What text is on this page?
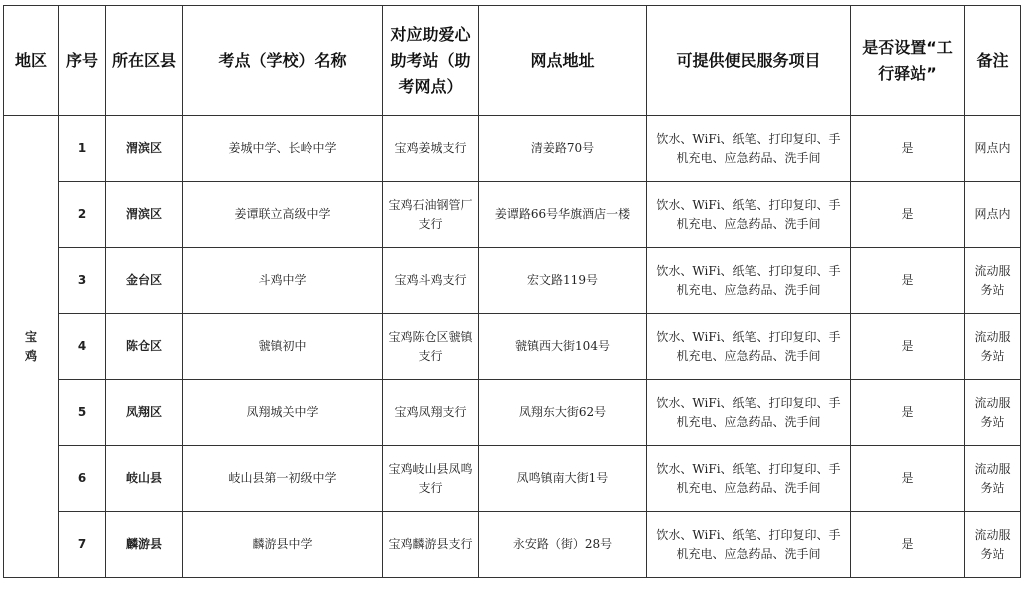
地区	序号	所在区县	考点（学校）名称	对应助爱心助考站（助考网点）	网点地址	可提供便民服务项目	是否设置“工行驿站”	备注
宝鸡	1	渭滨区	姜城中学、长岭中学	宝鸡姜城支行	清姜路70号	饮水、WiFi、纸笔、打印复印、手机充电、应急药品、洗手间	是	网点内
	2	渭滨区	姜谭联立高级中学	宝鸡石油钢管厂支行	姜谭路66号华旗酒店一楼	饮水、WiFi、纸笔、打印复印、手机充电、应急药品、洗手间	是	网点内
	3	金台区	斗鸡中学	宝鸡斗鸡支行	宏文路119号	饮水、WiFi、纸笔、打印复印、手机充电、应急药品、洗手间	是	流动服务站
	4	陈仓区	虢镇初中	宝鸡陈仓区虢镇支行	虢镇西大街104号	饮水、WiFi、纸笔、打印复印、手机充电、应急药品、洗手间	是	流动服务站
	5	凤翔区	凤翔城关中学	宝鸡凤翔支行	凤翔东大街62号	饮水、WiFi、纸笔、打印复印、手机充电、应急药品、洗手间	是	流动服务站
	6	岐山县	岐山县第一初级中学	宝鸡岐山县凤鸣支行	凤鸣镇南大街1号	饮水、WiFi、纸笔、打印复印、手机充电、应急药品、洗手间	是	流动服务站
	7	麟游县	麟游县中学	宝鸡麟游县支行	永安路（街）28号	饮水、WiFi、纸笔、打印复印、手机充电、应急药品、洗手间	是	流动服务站
